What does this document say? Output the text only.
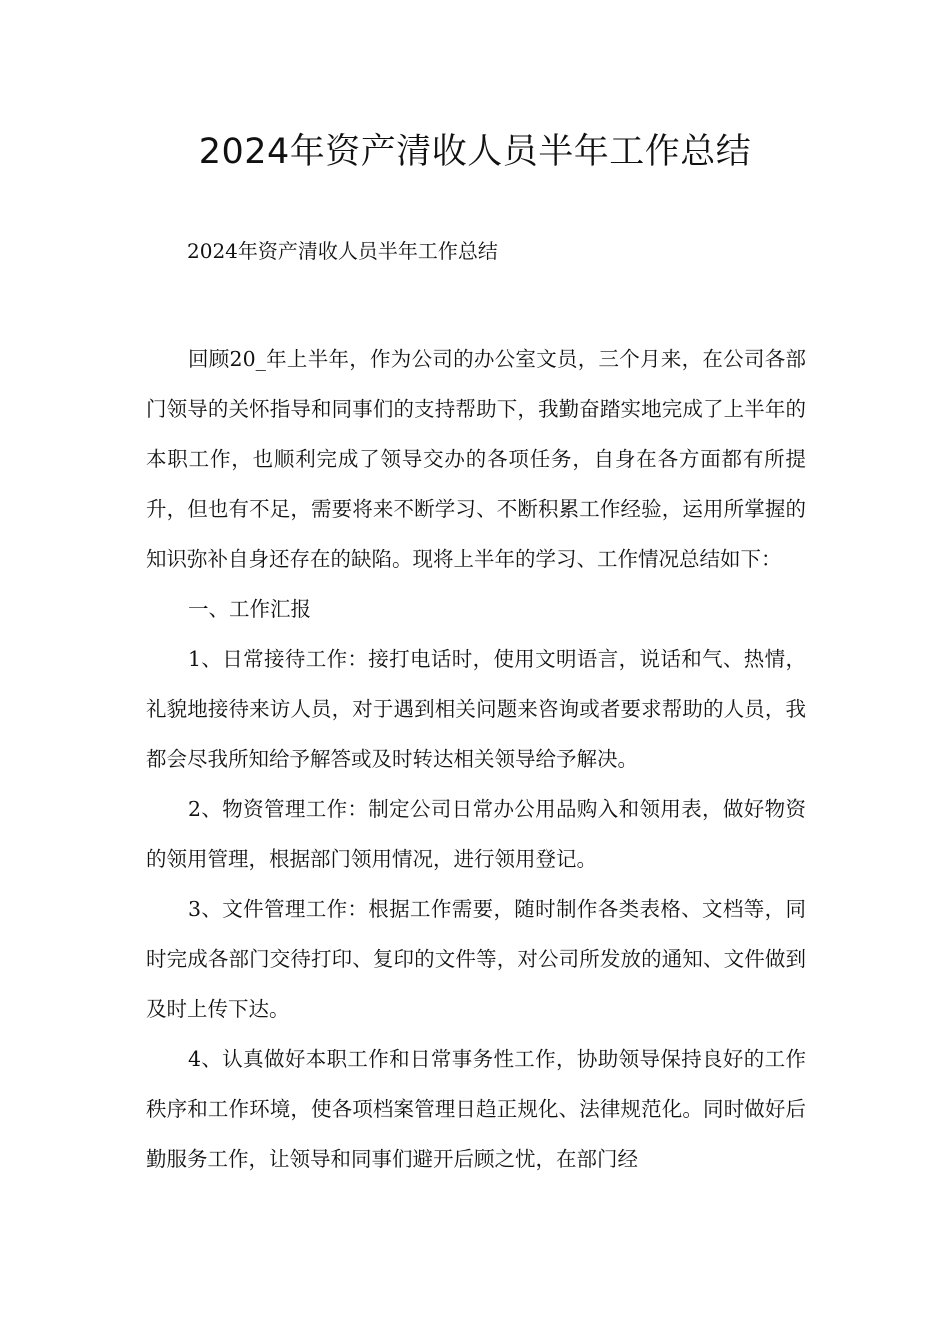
2024年资产清收人员半年工作总结

2024年资产清收人员半年工作总结

回顾20_年上半年，作为公司的办公室文员，三个月来，在公司各部门领导的关怀指导和同事们的支持帮助下，我勤奋踏实地完成了上半年的本职工作，也顺利完成了领导交办的各项任务，自身在各方面都有所提升，但也有不足，需要将来不断学习、不断积累工作经验，运用所掌握的知识弥补自身还存在的缺陷。现将上半年的学习、工作情况总结如下：

一、工作汇报

1、日常接待工作：接打电话时，使用文明语言，说话和气、热情，礼貌地接待来访人员，对于遇到相关问题来咨询或者要求帮助的人员，我都会尽我所知给予解答或及时转达相关领导给予解决。

2、物资管理工作：制定公司日常办公用品购入和领用表，做好物资的领用管理，根据部门领用情况，进行领用登记。

3、文件管理工作：根据工作需要，随时制作各类表格、文档等，同时完成各部门交待打印、复印的文件等，对公司所发放的通知、文件做到及时上传下达。

4、认真做好本职工作和日常事务性工作，协助领导保持良好的工作秩序和工作环境，使各项档案管理日趋正规化、法律规范化。同时做好后勤服务工作，让领导和同事们避开后顾之忧，在部门经
